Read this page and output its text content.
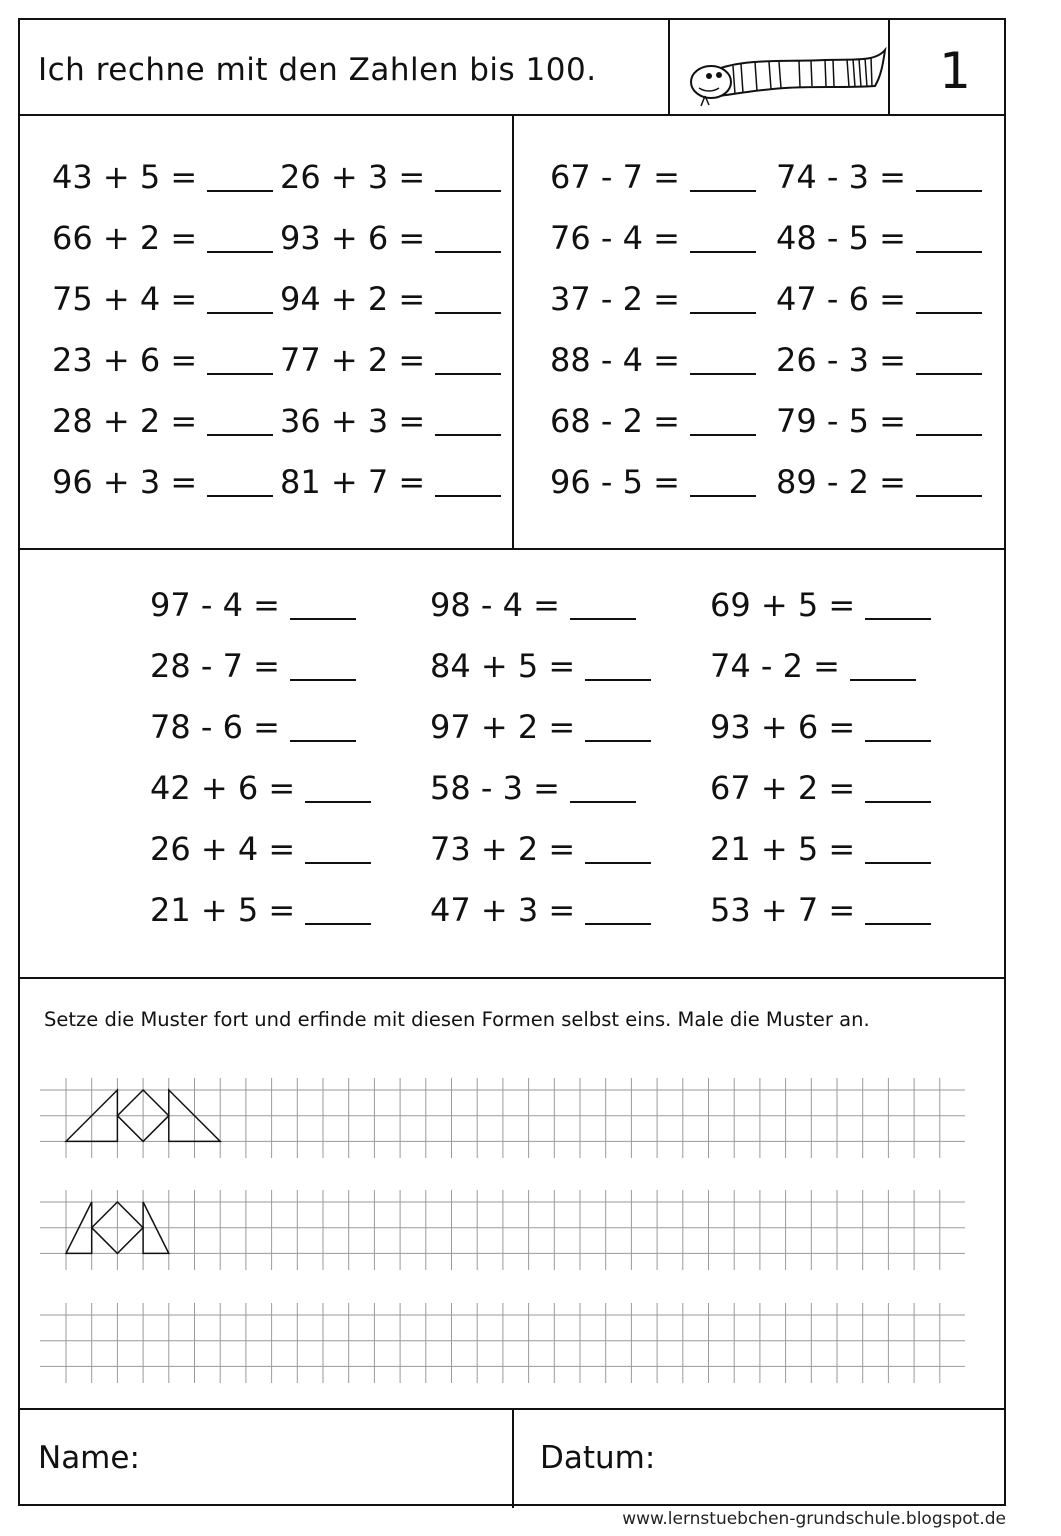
Ich rechne mit den Zahlen bis 100.	1
Name:	Datum:
43 + 5 =
66 + 2 =
75 + 4 =
23 + 6 =
28 + 2 =
96 + 3 =
26 + 3 =
93 + 6 =
94 + 2 =
77 + 2 =
36 + 3 =
81 + 7 =
67 - 7 =
76 - 4 =
37 - 2 =
88 - 4 =
68 - 2 =
96 - 5 =
74 - 3 =
48 - 5 =
47 - 6 =
26 - 3 =
79 - 5 =
89 - 2 =
97 - 4 =
28 - 7 =
78 - 6 =
42 + 6 =
26 + 4 =
21 + 5 =
98 - 4 =
84 + 5 =
97 + 2 =
58 - 3 =
73 + 2 =
47 + 3 =
69 + 5 =
74 - 2 =
93 + 6 =
67 + 2 =
21 + 5 =
53 + 7 =
Setze die Muster fort und erfinde mit diesen Formen selbst eins. Male die Muster an.
www.lernstuebchen-grundschule.blogspot.de
